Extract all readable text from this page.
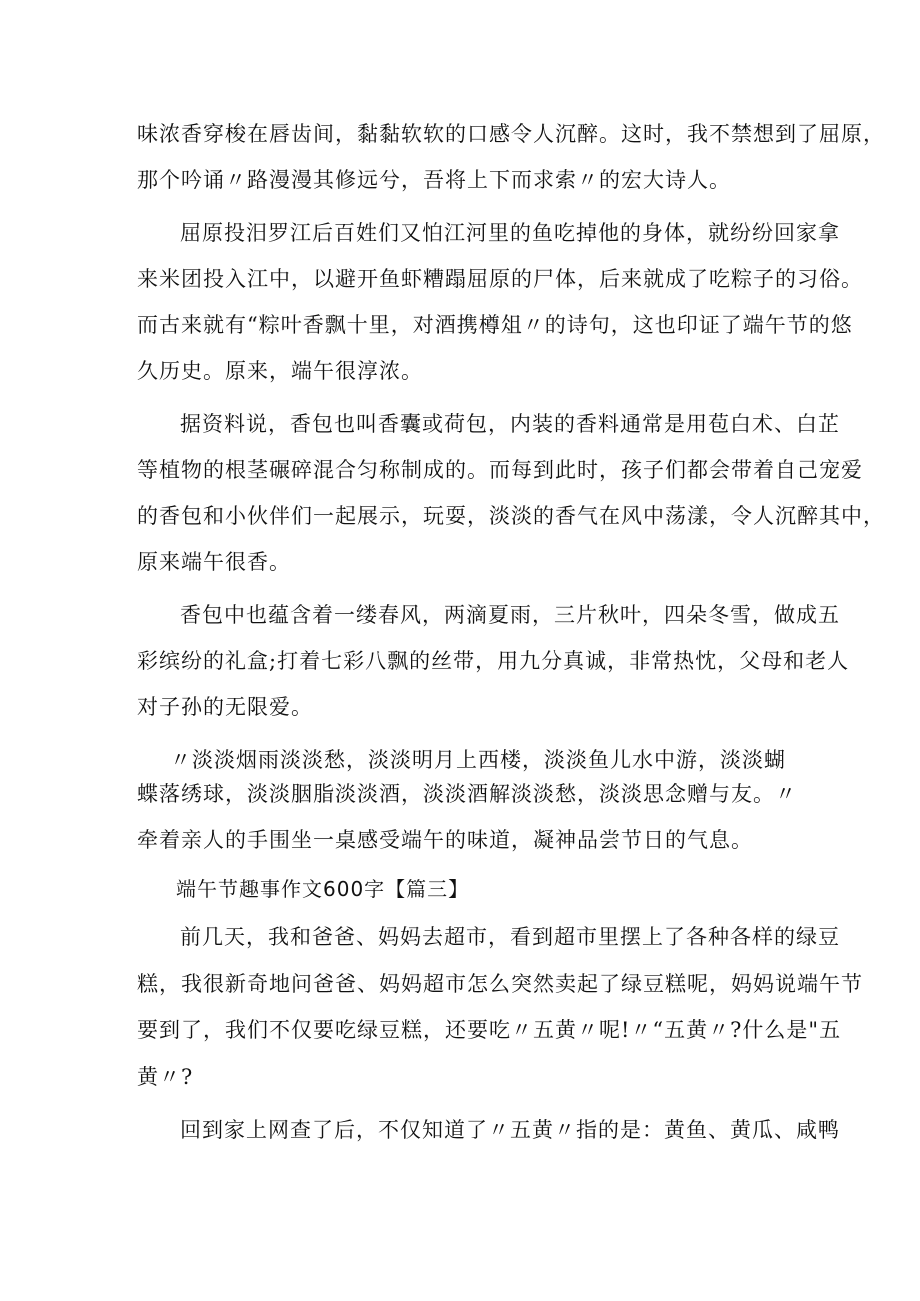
味浓香穿梭在唇齿间，黏黏软软的口感令人沉醉。这时，我不禁想到了屈原，
那个吟诵〃路漫漫其修远兮，吾将上下而求索〃的宏大诗人。
屈原投汨罗江后百姓们又怕江河里的鱼吃掉他的身体，就纷纷回家拿
来米团投入江中，以避开鱼虾糟蹋屈原的尸体，后来就成了吃粽子的习俗。
而古来就有“粽叶香飘十里，对酒携樽俎〃的诗句，这也印证了端午节的悠
久历史。原来，端午很淳浓。
据资料说，香包也叫香囊或荷包，内装的香料通常是用苞白术、白芷
等植物的根茎碾碎混合匀称制成的。而每到此时，孩子们都会带着自己宠爱
的香包和小伙伴们一起展示，玩耍，淡淡的香气在风中荡漾，令人沉醉其中，
原来端午很香。
香包中也蕴含着一缕春风，两滴夏雨，三片秋叶，四朵冬雪，做成五
彩缤纷的礼盒;打着七彩八飘的丝带，用九分真诚，非常热忱，父母和老人
对子孙的无限爱。
〃淡淡烟雨淡淡愁，淡淡明月上西楼，淡淡鱼儿水中游，淡淡蝴
蝶落绣球，淡淡胭脂淡淡酒，淡淡酒解淡淡愁，淡淡思念赠与友。〃
牵着亲人的手围坐一桌感受端午的味道，凝神品尝节日的气息。
端午节趣事作文600字【篇三】
前几天，我和爸爸、妈妈去超市，看到超市里摆上了各种各样的绿豆
糕，我很新奇地问爸爸、妈妈超市怎么突然卖起了绿豆糕呢，妈妈说端午节
要到了，我们不仅要吃绿豆糕，还要吃〃五黄〃呢!〃“五黄〃?什么是"五
黄〃?
回到家上网查了后，不仅知道了〃五黄〃指的是：黄鱼、黄瓜、咸鸭
